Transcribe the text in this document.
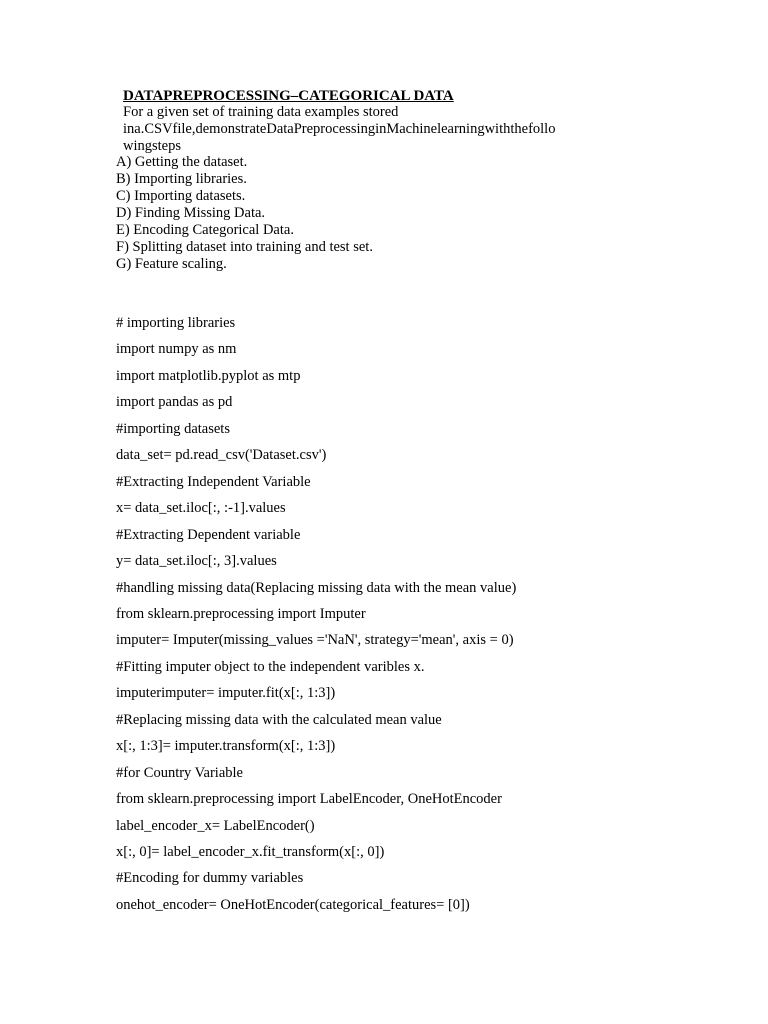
DATAPREPROCESSING–CATEGORICAL DATA
For a given set of training data examples stored
ina.CSVfile,demonstrateDataPreprocessinginMachinelearningwiththefollo
wingsteps
A) Getting the dataset.
B) Importing libraries.
C) Importing datasets.
D) Finding Missing Data.
E) Encoding Categorical Data.
F) Splitting dataset into training and test set.
G) Feature scaling.
# importing libraries
import numpy as nm
import matplotlib.pyplot as mtp
import pandas as pd
#importing datasets
data_set= pd.read_csv('Dataset.csv')
#Extracting Independent Variable
x= data_set.iloc[:, :-1].values
#Extracting Dependent variable
y= data_set.iloc[:, 3].values
#handling missing data(Replacing missing data with the mean value)
from sklearn.preprocessing import Imputer
imputer= Imputer(missing_values ='NaN', strategy='mean', axis = 0)
#Fitting imputer object to the independent varibles x.
imputerimputer= imputer.fit(x[:, 1:3])
#Replacing missing data with the calculated mean value
x[:, 1:3]= imputer.transform(x[:, 1:3])
#for Country Variable
from sklearn.preprocessing import LabelEncoder, OneHotEncoder
label_encoder_x= LabelEncoder()
x[:, 0]= label_encoder_x.fit_transform(x[:, 0])
#Encoding for dummy variables
onehot_encoder= OneHotEncoder(categorical_features= [0])
